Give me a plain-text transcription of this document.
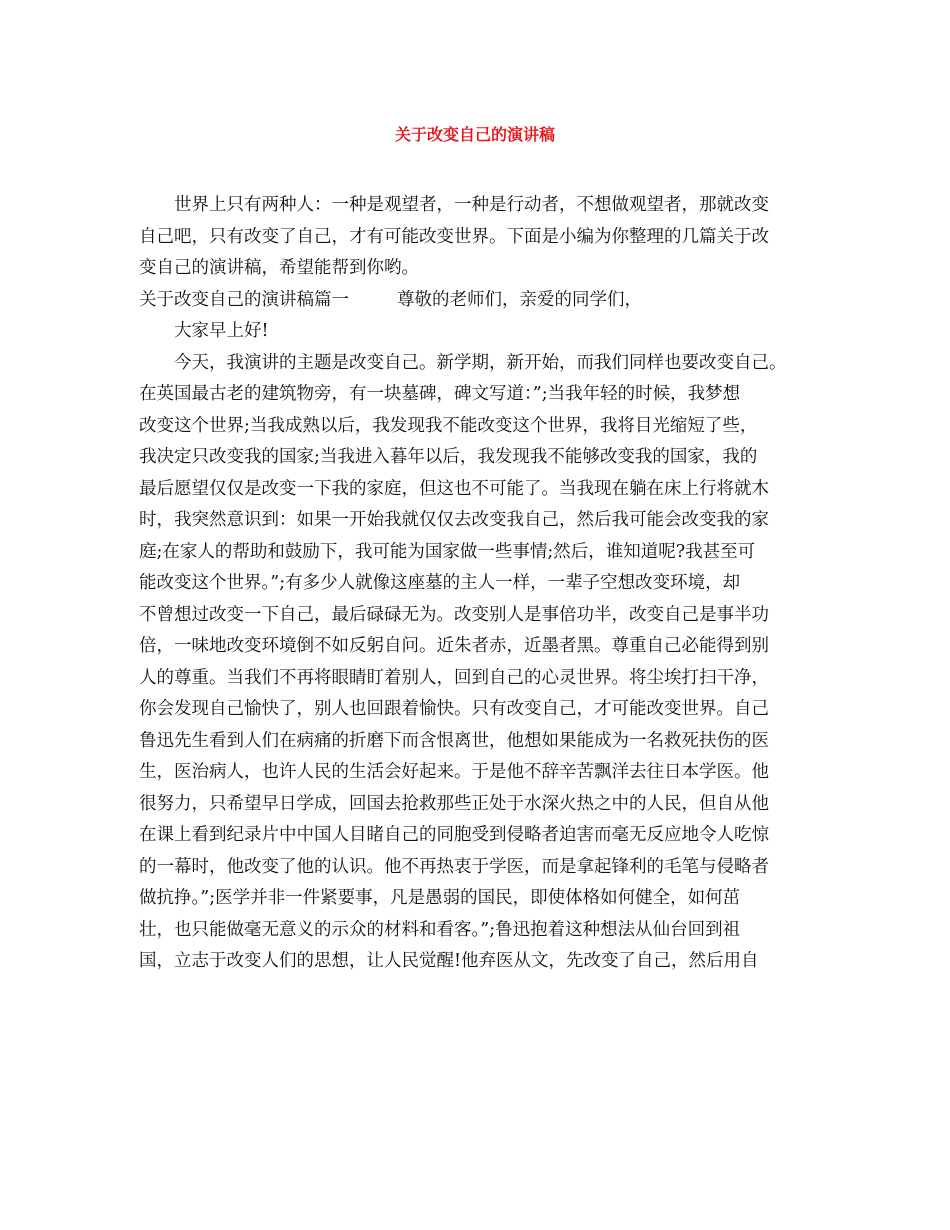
关于改变自己的演讲稿
世界上只有两种人：一种是观望者，一种是行动者，不想做观望者，那就改变
自己吧，只有改变了自己，才有可能改变世界。下面是小编为你整理的几篇关于改
变自己的演讲稿，希望能帮到你哟。
关于改变自己的演讲稿篇一	尊敬的老师们，亲爱的同学们，
大家早上好!
今天，我演讲的主题是改变自己。新学期，新开始，而我们同样也要改变自己。
在英国最古老的建筑物旁，有一块墓碑，碑文写道：”;当我年轻的时候，我梦想
改变这个世界;当我成熟以后，我发现我不能改变这个世界，我将目光缩短了些，
我决定只改变我的国家;当我进入暮年以后，我发现我不能够改变我的国家，我的
最后愿望仅仅是改变一下我的家庭，但这也不可能了。当我现在躺在床上行将就木
时，我突然意识到：如果一开始我就仅仅去改变我自己，然后我可能会改变我的家
庭;在家人的帮助和鼓励下，我可能为国家做一些事情;然后，谁知道呢?我甚至可
能改变这个世界。”;有多少人就像这座墓的主人一样，一辈子空想改变环境，却
不曾想过改变一下自己，最后碌碌无为。改变别人是事倍功半，改变自己是事半功
倍，一味地改变环境倒不如反躬自问。近朱者赤，近墨者黑。尊重自己必能得到别
人的尊重。当我们不再将眼睛盯着别人，回到自己的心灵世界。将尘埃打扫干净，
你会发现自己愉快了，别人也回跟着愉快。只有改变自己，才可能改变世界。自己
鲁迅先生看到人们在病痛的折磨下而含恨离世，他想如果能成为一名救死扶伤的医
生，医治病人，也许人民的生活会好起来。于是他不辞辛苦飘洋去往日本学医。他
很努力，只希望早日学成，回国去抢救那些正处于水深火热之中的人民，但自从他
在课上看到纪录片中中国人目睹自己的同胞受到侵略者迫害而毫无反应地令人吃惊
的一幕时，他改变了他的认识。他不再热衷于学医，而是拿起锋利的毛笔与侵略者
做抗挣。”;医学并非一件紧要事，凡是愚弱的国民，即使体格如何健全，如何茁
壮，也只能做毫无意义的示众的材料和看客。”;鲁迅抱着这种想法从仙台回到祖
国，立志于改变人们的思想，让人民觉醒!他弃医从文，先改变了自己，然后用自
